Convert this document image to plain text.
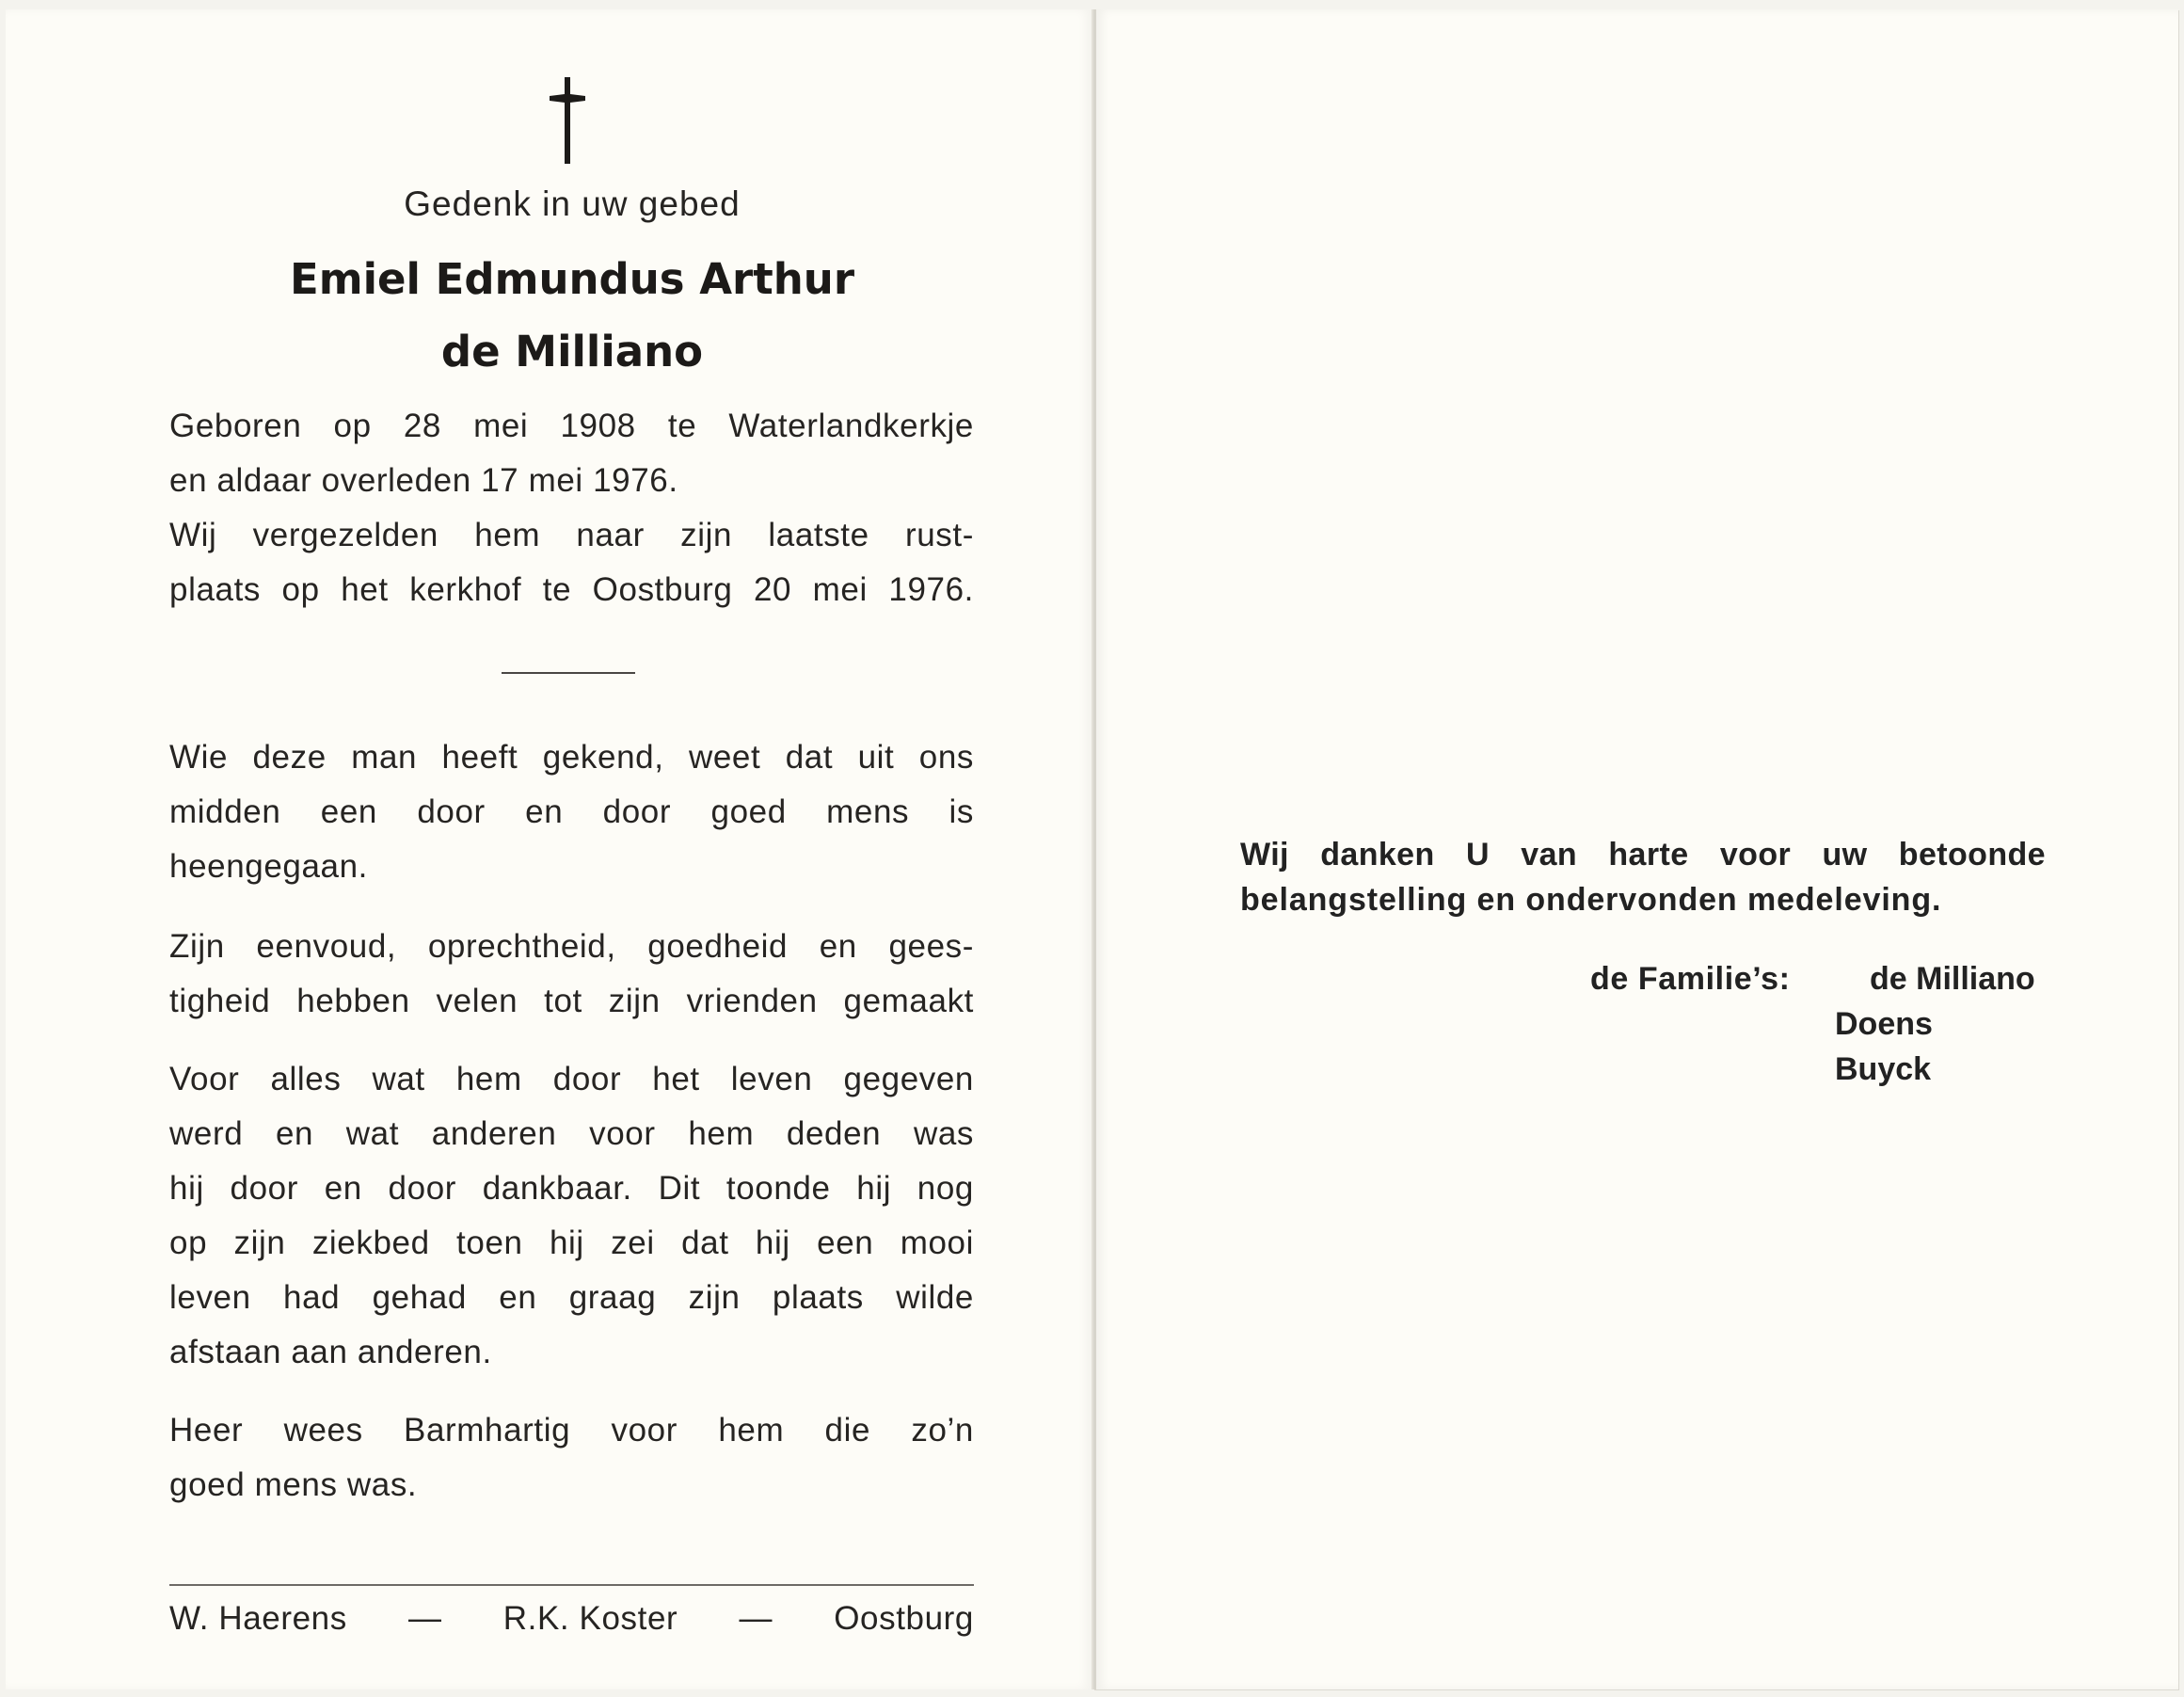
Gedenk in uw gebed
Emiel Edmundus Arthur
de Milliano
Geboren op 28 mei 1908 te Waterlandkerkje
en aldaar overleden 17 mei 1976.
Wij vergezelden hem naar zijn laatste rust-
plaats op het kerkhof te Oostburg 20 mei 1976.
Wie deze man heeft gekend, weet dat uit ons
midden een door en door goed mens is
heengegaan.
Zijn eenvoud, oprechtheid, goedheid en gees-
tigheid hebben velen tot zijn vrienden gemaakt
Voor alles wat hem door het leven gegeven
werd en wat anderen voor hem deden was
hij door en door dankbaar. Dit toonde hij nog
op zijn ziekbed toen hij zei dat hij een mooi
leven had gehad en graag zijn plaats wilde
afstaan aan anderen.
Heer wees Barmhartig voor hem die zo’n
goed mens was.
W. Haerens — R.K. Koster — Oostburg
Wij danken U van harte voor uw betoonde
belangstelling en ondervonden medeleving.
de Familie’s: de Milliano
Doens
Buyck
